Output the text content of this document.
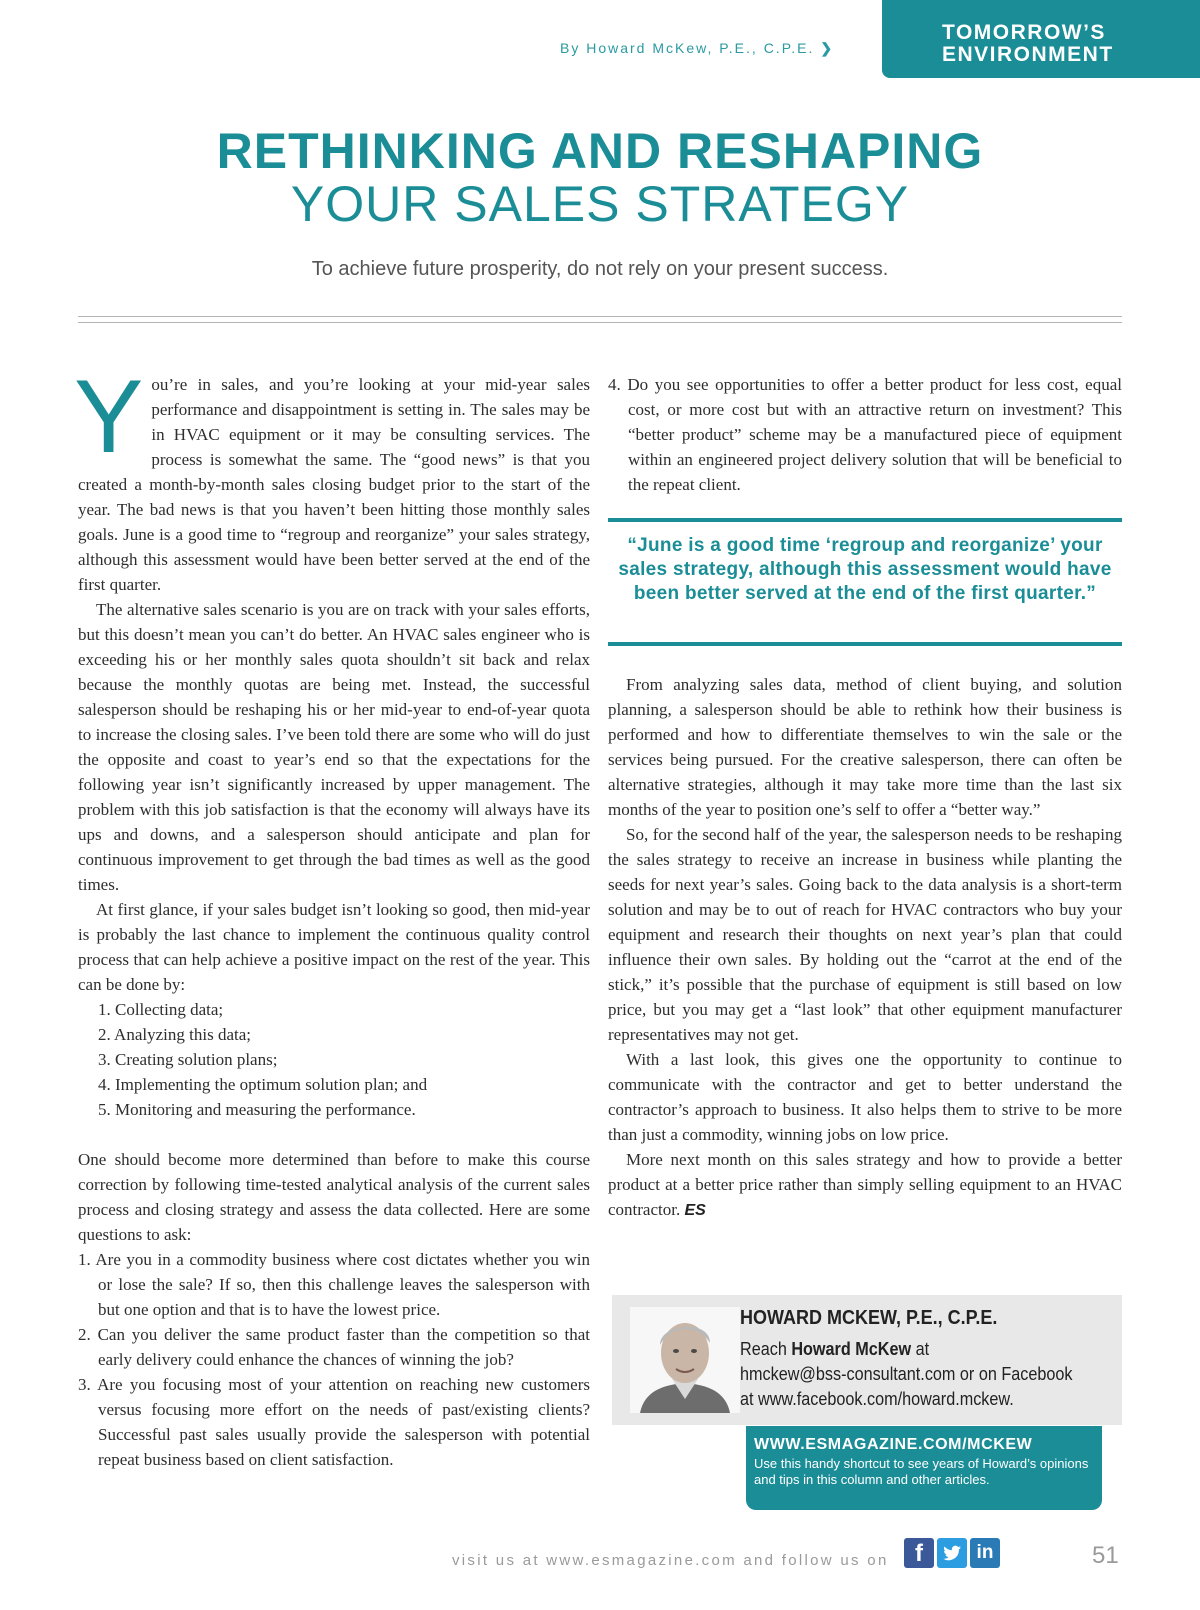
By Howard McKew, P.E., C.P.E. ❯
TOMORROW’S
ENVIRONMENT
RETHINKING AND RESHAPING
YOUR SALES STRATEGY
To achieve future prosperity, do not rely on your present success.

You’re in sales, and you’re looking at your mid-year sales performance and disappointment is setting in. The sales may be in HVAC equipment or it may be consulting services. The process is somewhat the same. The “good news” is that you created a month-by-month sales closing budget prior to the start of the year. The bad news is that you haven’t been hitting those monthly sales goals. June is a good time to “regroup and reorganize” your sales strategy, although this assessment would have been better served at the end of the first quarter.

The alternative sales scenario is you are on track with your sales efforts, but this doesn’t mean you can’t do better. An HVAC sales engineer who is exceeding his or her monthly sales quota shouldn’t sit back and relax because the monthly quotas are being met. Instead, the successful salesperson should be reshaping his or her mid-year to end-of-year quota to increase the closing sales. I’ve been told there are some who will do just the opposite and coast to year’s end so that the expectations for the following year isn’t significantly increased by upper management. The problem with this job satisfaction is that the economy will always have its ups and downs, and a salesperson should anticipate and plan for continuous improvement to get through the bad times as well as the good times.

At first glance, if your sales budget isn’t looking so good, then mid-year is probably the last chance to implement the continuous quality control process that can help achieve a positive impact on the rest of the year. This can be done by:

1. Collecting data;
2. Analyzing this data;
3. Creating solution plans;
4. Implementing the optimum solution plan; and
5. Monitoring and measuring the performance.

One should become more determined than before to make this course correction by following time-tested analytical analysis of the current sales process and closing strategy and assess the data collected. Here are some questions to ask:

1. Are you in a commodity business where cost dictates whether you win or lose the sale? If so, then this challenge leaves the salesperson with but one option and that is to have the lowest price.
2. Can you deliver the same product faster than the competition so that early delivery could enhance the chances of winning the job?
3. Are you focusing most of your attention on reaching new customers versus focusing more effort on the needs of past/existing clients? Successful past sales usually provide the salesperson with potential repeat business based on client satisfaction.
4. Do you see opportunities to offer a better product for less cost, equal cost, or more cost but with an attractive return on investment? This “better product” scheme may be a manufactured piece of equipment within an engineered project delivery solution that will be beneficial to the repeat client.
“June is a good time ‘regroup and reorganize’ your sales strategy, although this assessment would have been better served at the end of the first quarter.”

From analyzing sales data, method of client buying, and solution planning, a salesperson should be able to rethink how their business is performed and how to differentiate themselves to win the sale or the services being pursued. For the creative salesperson, there can often be alternative strategies, although it may take more time than the last six months of the year to position one’s self to offer a “better way.”

So, for the second half of the year, the salesperson needs to be reshaping the sales strategy to receive an increase in business while planting the seeds for next year’s sales. Going back to the data analysis is a short-term solution and may be to out of reach for HVAC contractors who buy your equipment and research their thoughts on next year’s plan that could influence their own sales. By holding out the “carrot at the end of the stick,” it’s possible that the purchase of equipment is still based on low price, but you may get a “last look” that other equipment manufacturer representatives may not get.

With a last look, this gives one the opportunity to continue to communicate with the contractor and get to better understand the contractor’s approach to business. It also helps them to strive to be more than just a commodity, winning jobs on low price.

More next month on this sales strategy and how to provide a better product at a better price rather than simply selling equipment to an HVAC contractor. ES

HOWARD MCKEW, P.E., C.P.E.
Reach Howard McKew at
hmckew@bss-consultant.com or on Facebook at www.facebook.com/howard.mckew.
WWW.ESMAGAZINE.COM/MCKEW
Use this handy shortcut to see years of Howard’s opinions and tips in this column and other articles.
visit us at www.esmagazine.com and follow us on	f	in	51
